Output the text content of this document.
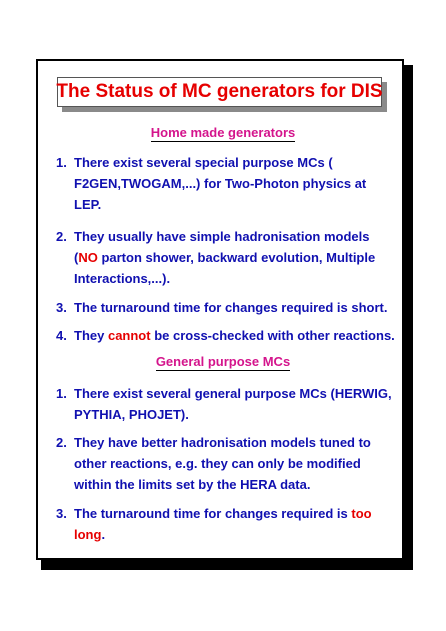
The Status of MC generators for DIS
Home made generators
1. There exist several special purpose MCs ( F2GEN,TWOGAM,...) for Two-Photon physics at LEP.
2. They usually have simple hadronisation models (NO parton shower, backward evolution, Multiple Interactions,...).
3. The turnaround time for changes required is short.
4. They cannot be cross-checked with other reactions.
General purpose MCs
1. There exist several general purpose MCs (HERWIG, PYTHIA, PHOJET).
2. They have better hadronisation models tuned to other reactions, e.g. they can only be modified within the limits set by the HERA data.
3. The turnaround time for changes required is too long.
